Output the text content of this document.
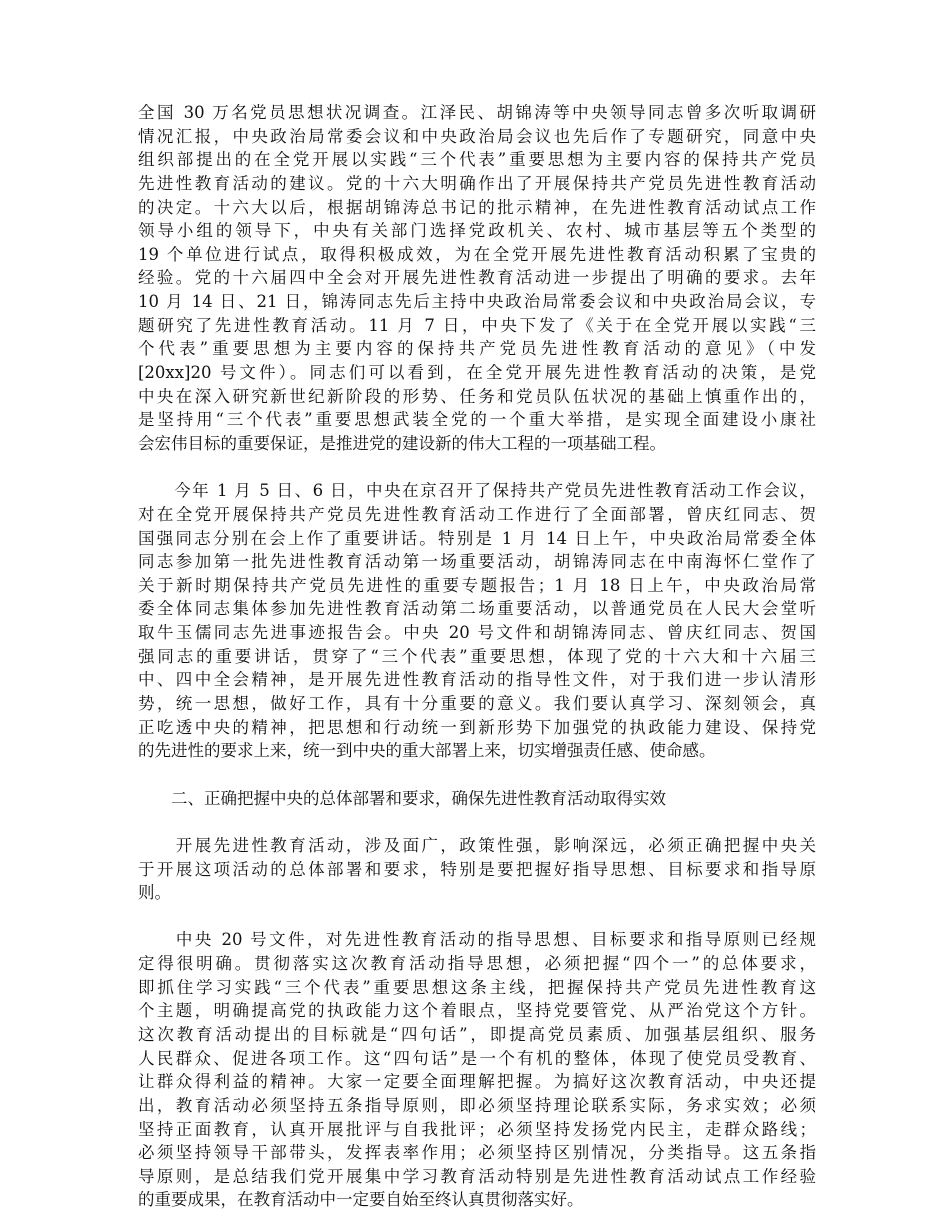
全国 30 万名党员思想状况调查。江泽民、胡锦涛等中央领导同志曾多次听取调研
情况汇报，中央政治局常委会议和中央政治局会议也先后作了专题研究，同意中央
组织部提出的在全党开展以实践“三个代表”重要思想为主要内容的保持共产党员
先进性教育活动的建议。党的十六大明确作出了开展保持共产党员先进性教育活动
的决定。十六大以后，根据胡锦涛总书记的批示精神，在先进性教育活动试点工作
领导小组的领导下，中央有关部门选择党政机关、农村、城市基层等五个类型的
19 个单位进行试点，取得积极成效，为在全党开展先进性教育活动积累了宝贵的
经验。党的十六届四中全会对开展先进性教育活动进一步提出了明确的要求。去年
10 月 14 日、21 日，锦涛同志先后主持中央政治局常委会议和中央政治局会议，专
题研究了先进性教育活动。11 月 7 日，中央下发了《关于在全党开展以实践“三
个代表”重要思想为主要内容的保持共产党员先进性教育活动的意见》（中发
[20xx]20 号文件）。同志们可以看到，在全党开展先进性教育活动的决策，是党
中央在深入研究新世纪新阶段的形势、任务和党员队伍状况的基础上慎重作出的，
是坚持用“三个代表”重要思想武装全党的一个重大举措，是实现全面建设小康社
会宏伟目标的重要保证，是推进党的建设新的伟大工程的一项基础工程。
　　今年 1 月 5 日、6 日，中央在京召开了保持共产党员先进性教育活动工作会议，
对在全党开展保持共产党员先进性教育活动工作进行了全面部署，曾庆红同志、贺
国强同志分别在会上作了重要讲话。特别是 1 月 14 日上午，中央政治局常委全体
同志参加第一批先进性教育活动第一场重要活动，胡锦涛同志在中南海怀仁堂作了
关于新时期保持共产党员先进性的重要专题报告；1 月 18 日上午，中央政治局常
委全体同志集体参加先进性教育活动第二场重要活动，以普通党员在人民大会堂听
取牛玉儒同志先进事迹报告会。中央 20 号文件和胡锦涛同志、曾庆红同志、贺国
强同志的重要讲话，贯穿了“三个代表”重要思想，体现了党的十六大和十六届三
中、四中全会精神，是开展先进性教育活动的指导性文件，对于我们进一步认清形
势，统一思想，做好工作，具有十分重要的意义。我们要认真学习、深刻领会，真
正吃透中央的精神，把思想和行动统一到新形势下加强党的执政能力建设、保持党
的先进性的要求上来，统一到中央的重大部署上来，切实增强责任感、使命感。
　　二、正确把握中央的总体部署和要求，确保先进性教育活动取得实效
　　开展先进性教育活动，涉及面广，政策性强，影响深远，必须正确把握中央关
于开展这项活动的总体部署和要求，特别是要把握好指导思想、目标要求和指导原
则。
　　中央 20 号文件，对先进性教育活动的指导思想、目标要求和指导原则已经规
定得很明确。贯彻落实这次教育活动指导思想，必须把握“四个一”的总体要求，
即抓住学习实践“三个代表”重要思想这条主线，把握保持共产党员先进性教育这
个主题，明确提高党的执政能力这个着眼点，坚持党要管党、从严治党这个方针。
这次教育活动提出的目标就是“四句话”，即提高党员素质、加强基层组织、服务
人民群众、促进各项工作。这“四句话”是一个有机的整体，体现了使党员受教育、
让群众得利益的精神。大家一定要全面理解把握。为搞好这次教育活动，中央还提
出，教育活动必须坚持五条指导原则，即必须坚持理论联系实际，务求实效；必须
坚持正面教育，认真开展批评与自我批评；必须坚持发扬党内民主，走群众路线；
必须坚持领导干部带头，发挥表率作用；必须坚持区别情况，分类指导。这五条指
导原则，是总结我们党开展集中学习教育活动特别是先进性教育活动试点工作经验
的重要成果，在教育活动中一定要自始至终认真贯彻落实好。
